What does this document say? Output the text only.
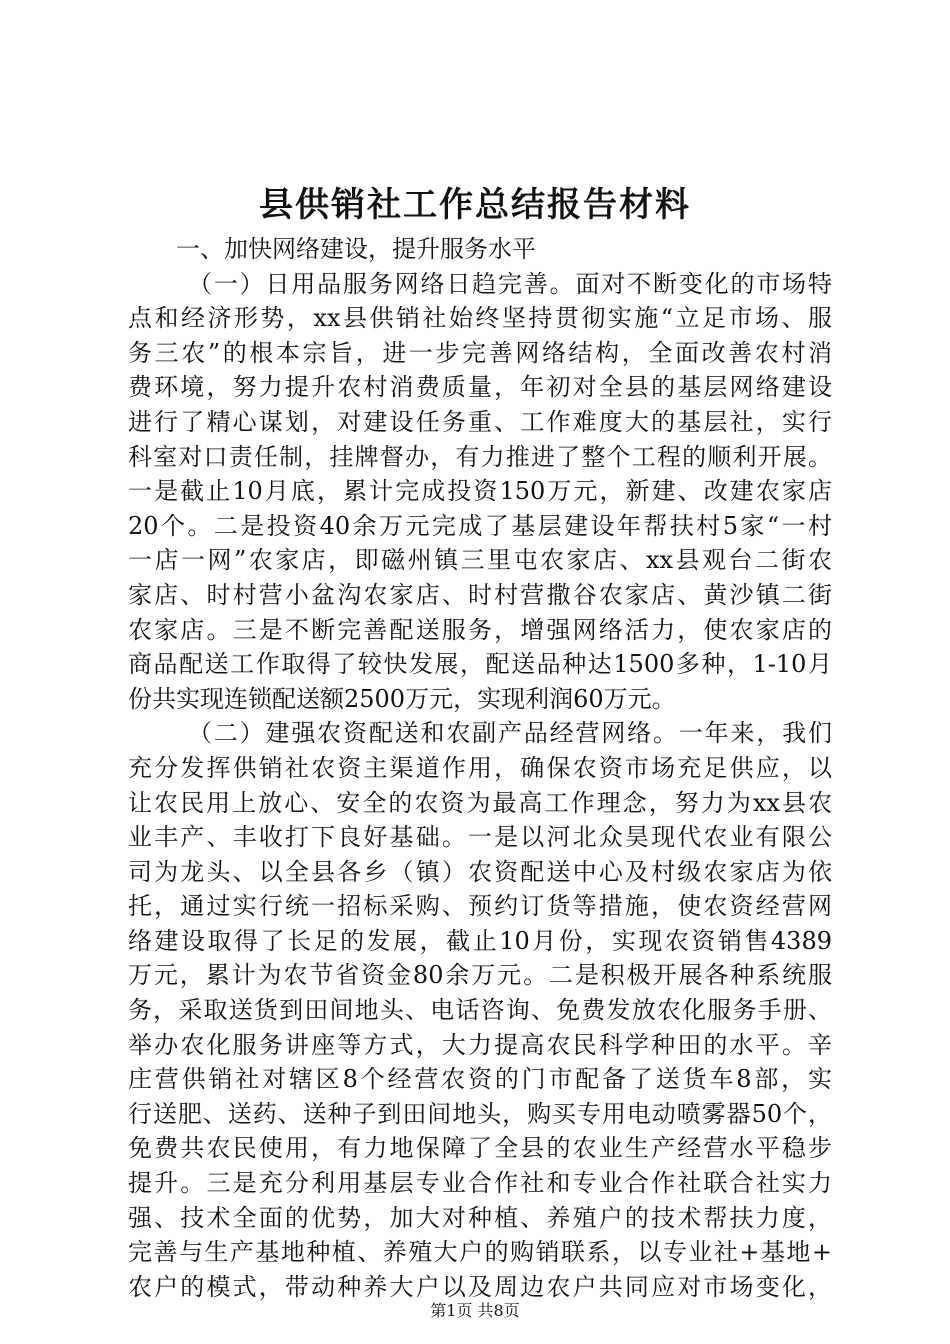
县供销社工作总结报告材料
一、加快网络建设，提升服务水平
（一）日用品服务网络日趋完善。面对不断变化的市场特
点和经济形势，xx县供销社始终坚持贯彻实施“立足市场、服
务三农”的根本宗旨，进一步完善网络结构，全面改善农村消
费环境，努力提升农村消费质量，年初对全县的基层网络建设
进行了精心谋划，对建设任务重、工作难度大的基层社，实行
科室对口责任制，挂牌督办，有力推进了整个工程的顺利开展。
一是截止10月底，累计完成投资150万元，新建、改建农家店
20个。二是投资40余万元完成了基层建设年帮扶村5家“一村
一店一网”农家店，即磁州镇三里屯农家店、xx县观台二街农
家店、时村营小盆沟农家店、时村营撒谷农家店、黄沙镇二街
农家店。三是不断完善配送服务，增强网络活力，使农家店的
商品配送工作取得了较快发展，配送品种达1500多种，1-10月
份共实现连锁配送额2500万元，实现利润60万元。
（二）建强农资配送和农副产品经营网络。一年来，我们
充分发挥供销社农资主渠道作用，确保农资市场充足供应，以
让农民用上放心、安全的农资为最高工作理念，努力为xx县农
业丰产、丰收打下良好基础。一是以河北众昊现代农业有限公
司为龙头、以全县各乡（镇）农资配送中心及村级农家店为依
托，通过实行统一招标采购、预约订货等措施，使农资经营网
络建设取得了长足的发展，截止10月份，实现农资销售4389
万元，累计为农节省资金80余万元。二是积极开展各种系统服
务，采取送货到田间地头、电话咨询、免费发放农化服务手册、
举办农化服务讲座等方式，大力提高农民科学种田的水平。辛
庄营供销社对辖区8个经营农资的门市配备了送货车8部，实
行送肥、送药、送种子到田间地头，购买专用电动喷雾器50个，
免费共农民使用，有力地保障了全县的农业生产经营水平稳步
提升。三是充分利用基层专业合作社和专业合作社联合社实力
强、技术全面的优势，加大对种植、养殖户的技术帮扶力度，
完善与生产基地种植、养殖大户的购销联系，以专业社+基地+
农户的模式，带动种养大户以及周边农户共同应对市场变化，
第1页 共8页
